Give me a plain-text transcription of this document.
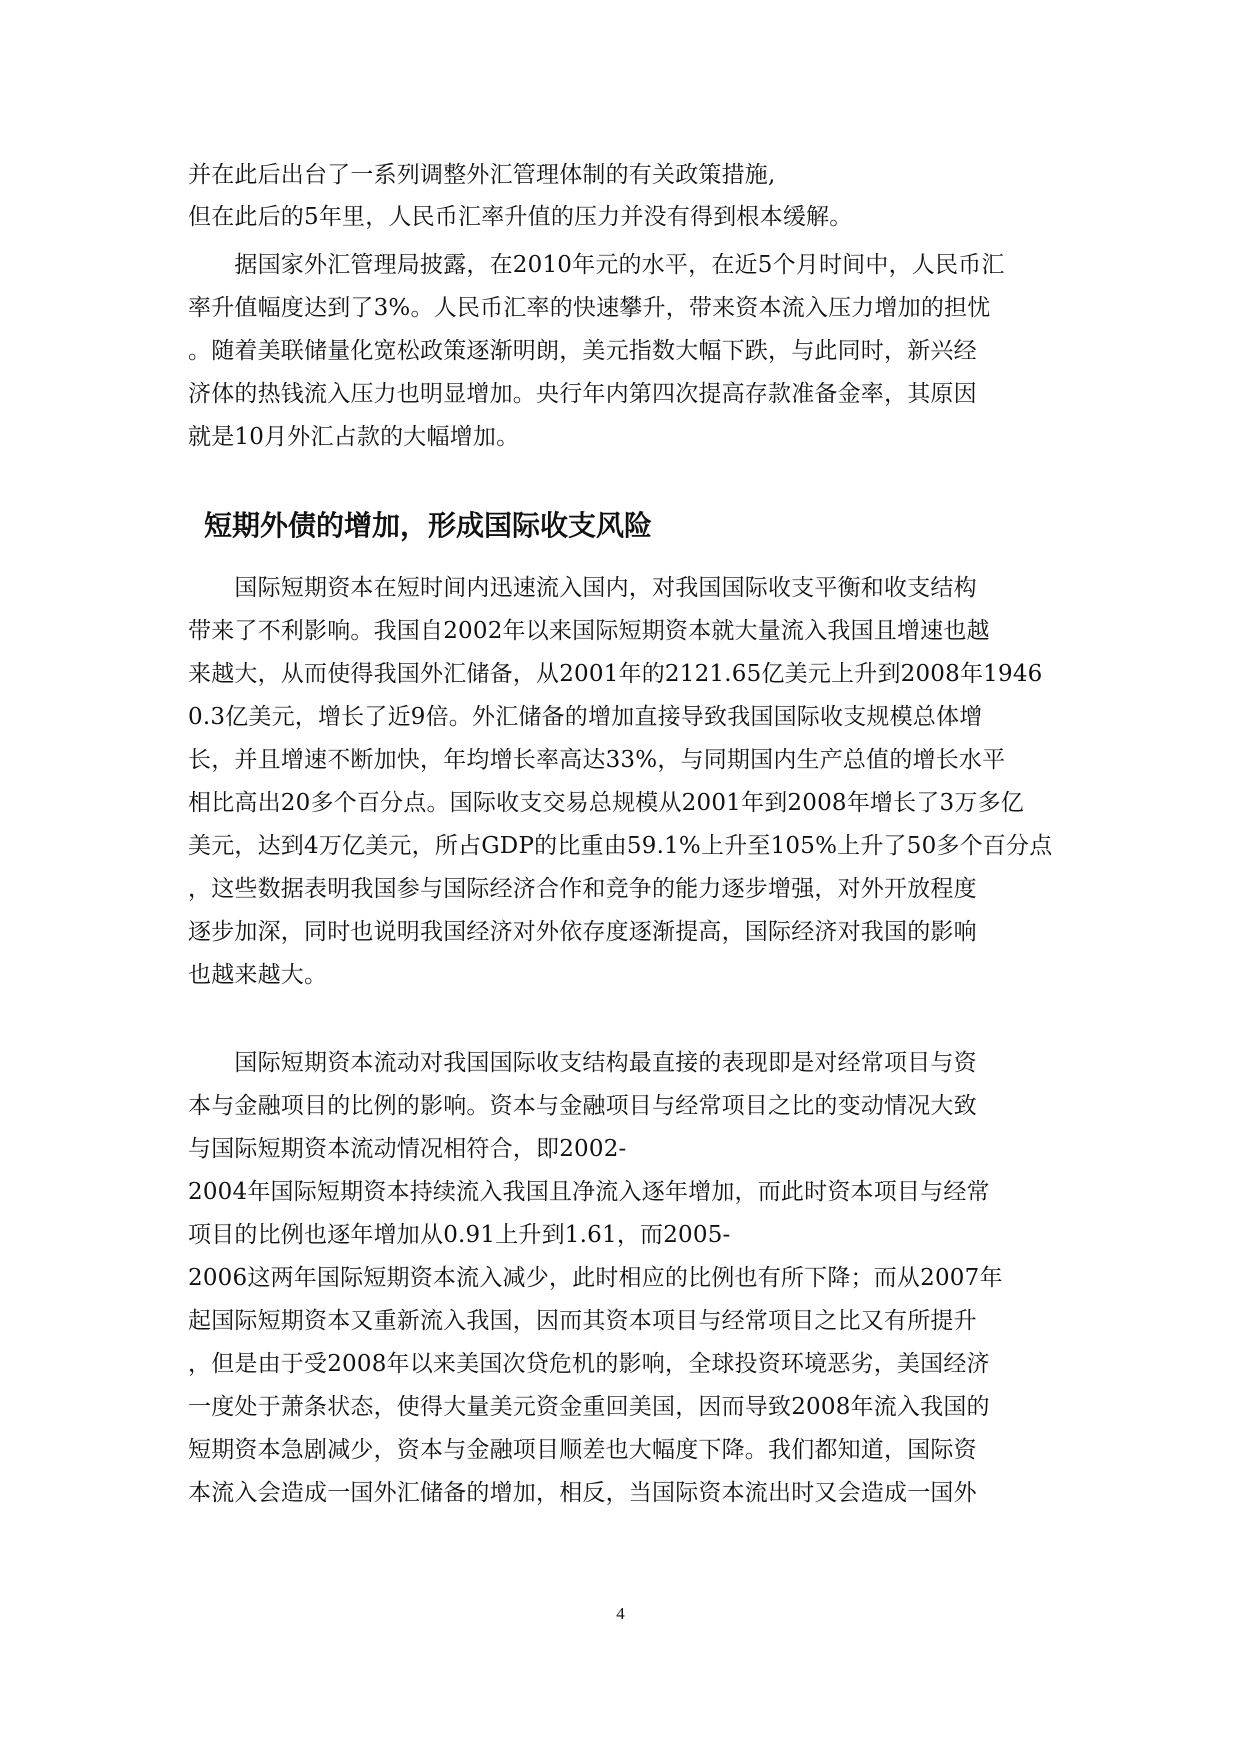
并在此后出台了一系列调整外汇管理体制的有关政策措施,
但在此后的5年里，人民币汇率升值的压力并没有得到根本缓解。
　　据国家外汇管理局披露，在2010年元的水平，在近5个月时间中，人民币汇
率升值幅度达到了3%。人民币汇率的快速攀升，带来资本流入压力增加的担忧
。随着美联储量化宽松政策逐渐明朗，美元指数大幅下跌，与此同时，新兴经
济体的热钱流入压力也明显增加。央行年内第四次提高存款准备金率，其原因
就是10月外汇占款的大幅增加。
短期外债的增加，形成国际收支风险
　　国际短期资本在短时间内迅速流入国内，对我国国际收支平衡和收支结构
带来了不利影响。我国自2002年以来国际短期资本就大量流入我国且增速也越
来越大，从而使得我国外汇储备，从2001年的2121.65亿美元上升到2008年1946
0.3亿美元，增长了近9倍。外汇储备的增加直接导致我国国际收支规模总体增
长，并且增速不断加快，年均增长率高达33%，与同期国内生产总值的增长水平
相比高出20多个百分点。国际收支交易总规模从2001年到2008年增长了3万多亿
美元，达到4万亿美元，所占GDP的比重由59.1%上升至105%上升了50多个百分点
，这些数据表明我国参与国际经济合作和竞争的能力逐步增强，对外开放程度
逐步加深，同时也说明我国经济对外依存度逐渐提高，国际经济对我国的影响
也越来越大。
　　国际短期资本流动对我国国际收支结构最直接的表现即是对经常项目与资
本与金融项目的比例的影响。资本与金融项目与经常项目之比的变动情况大致
与国际短期资本流动情况相符合，即2002-
2004年国际短期资本持续流入我国且净流入逐年增加，而此时资本项目与经常
项目的比例也逐年增加从0.91上升到1.61，而2005-
2006这两年国际短期资本流入减少，此时相应的比例也有所下降；而从2007年
起国际短期资本又重新流入我国，因而其资本项目与经常项目之比又有所提升
，但是由于受2008年以来美国次贷危机的影响，全球投资环境恶劣，美国经济
一度处于萧条状态，使得大量美元资金重回美国，因而导致2008年流入我国的
短期资本急剧减少，资本与金融项目顺差也大幅度下降。我们都知道，国际资
本流入会造成一国外汇储备的增加，相反，当国际资本流出时又会造成一国外
4
